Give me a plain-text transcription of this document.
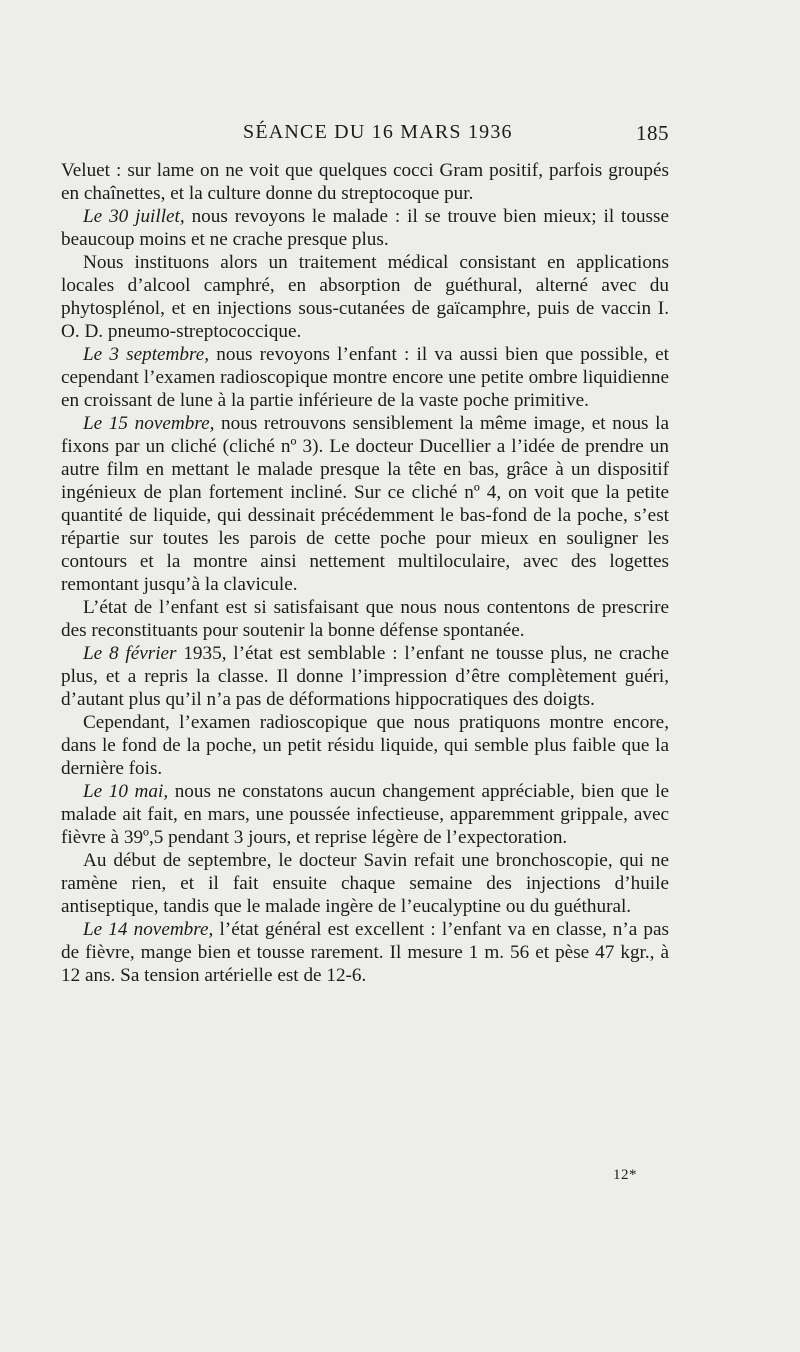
SÉANCE DU 16 MARS 1936	185

Veluet : sur lame on ne voit que quelques cocci Gram positif, parfois groupés en chaînettes, et la culture donne du streptocoque pur.

Le 30 juillet, nous revoyons le malade : il se trouve bien mieux; il tousse beaucoup moins et ne crache presque plus.

Nous instituons alors un traitement médical consistant en applications locales d’alcool camphré, en absorption de guéthural, alterné avec du phytosplénol, et en injections sous-cutanées de gaïcamphre, puis de vaccin I. O. D. pneumo-streptococcique.

Le 3 septembre, nous revoyons l’enfant : il va aussi bien que possible, et cependant l’examen radioscopique montre encore une petite ombre liquidienne en croissant de lune à la partie inférieure de la vaste poche primitive.

Le 15 novembre, nous retrouvons sensiblement la même image, et nous la fixons par un cliché (cliché nº 3). Le docteur Ducellier a l’idée de prendre un autre film en mettant le malade presque la tête en bas, grâce à un dispositif ingénieux de plan fortement incliné. Sur ce cliché nº 4, on voit que la petite quantité de liquide, qui dessinait précédemment le bas-fond de la poche, s’est répartie sur toutes les parois de cette poche pour mieux en souligner les contours et la montre ainsi nettement multiloculaire, avec des logettes remontant jusqu’à la clavicule.

L’état de l’enfant est si satisfaisant que nous nous contentons de prescrire des reconstituants pour soutenir la bonne défense spontanée.

Le 8 février 1935, l’état est semblable : l’enfant ne tousse plus, ne crache plus, et a repris la classe. Il donne l’impression d’être complètement guéri, d’autant plus qu’il n’a pas de déformations hippocratiques des doigts.

Cependant, l’examen radioscopique que nous pratiquons montre encore, dans le fond de la poche, un petit résidu liquide, qui semble plus faible que la dernière fois.

Le 10 mai, nous ne constatons aucun changement appréciable, bien que le malade ait fait, en mars, une poussée infectieuse, apparemment grippale, avec fièvre à 39º,5 pendant 3 jours, et reprise légère de l’expectoration.

Au début de septembre, le docteur Savin refait une bronchoscopie, qui ne ramène rien, et il fait ensuite chaque semaine des injections d’huile antiseptique, tandis que le malade ingère de l’eucalyptine ou du guéthural.

Le 14 novembre, l’état général est excellent : l’enfant va en classe, n’a pas de fièvre, mange bien et tousse rarement. Il mesure 1 m. 56 et pèse 47 kgr., à 12 ans. Sa tension artérielle est de 12-6.

12*
